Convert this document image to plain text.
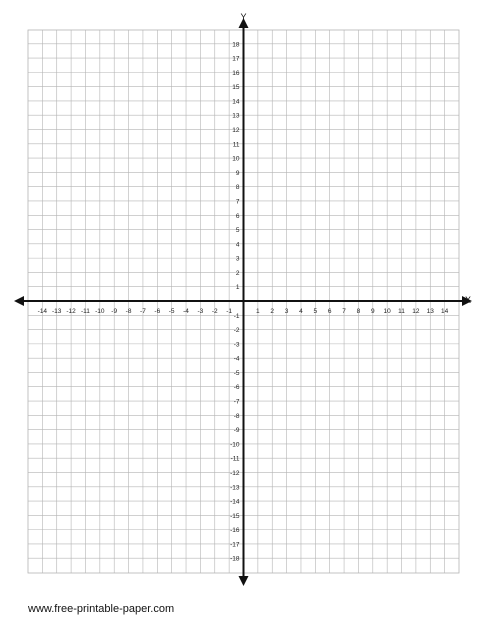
-14 -13 -12 -11 -10 -9 -8 -7 -6 -5 -4 -3 -2 -1	1 2 3 4 5 6 7 8 9 10 11 12 13 14
18
17
16
15
14
13
12
11
10
9
8
7
6
5
4
3
2
1
-1
-2
-3
-4
-5
-6
-7
-8
-9
-10
-11
-12
-13
-14
-15
-16
-17
-18
X
Y
www.free-printable-paper.com
